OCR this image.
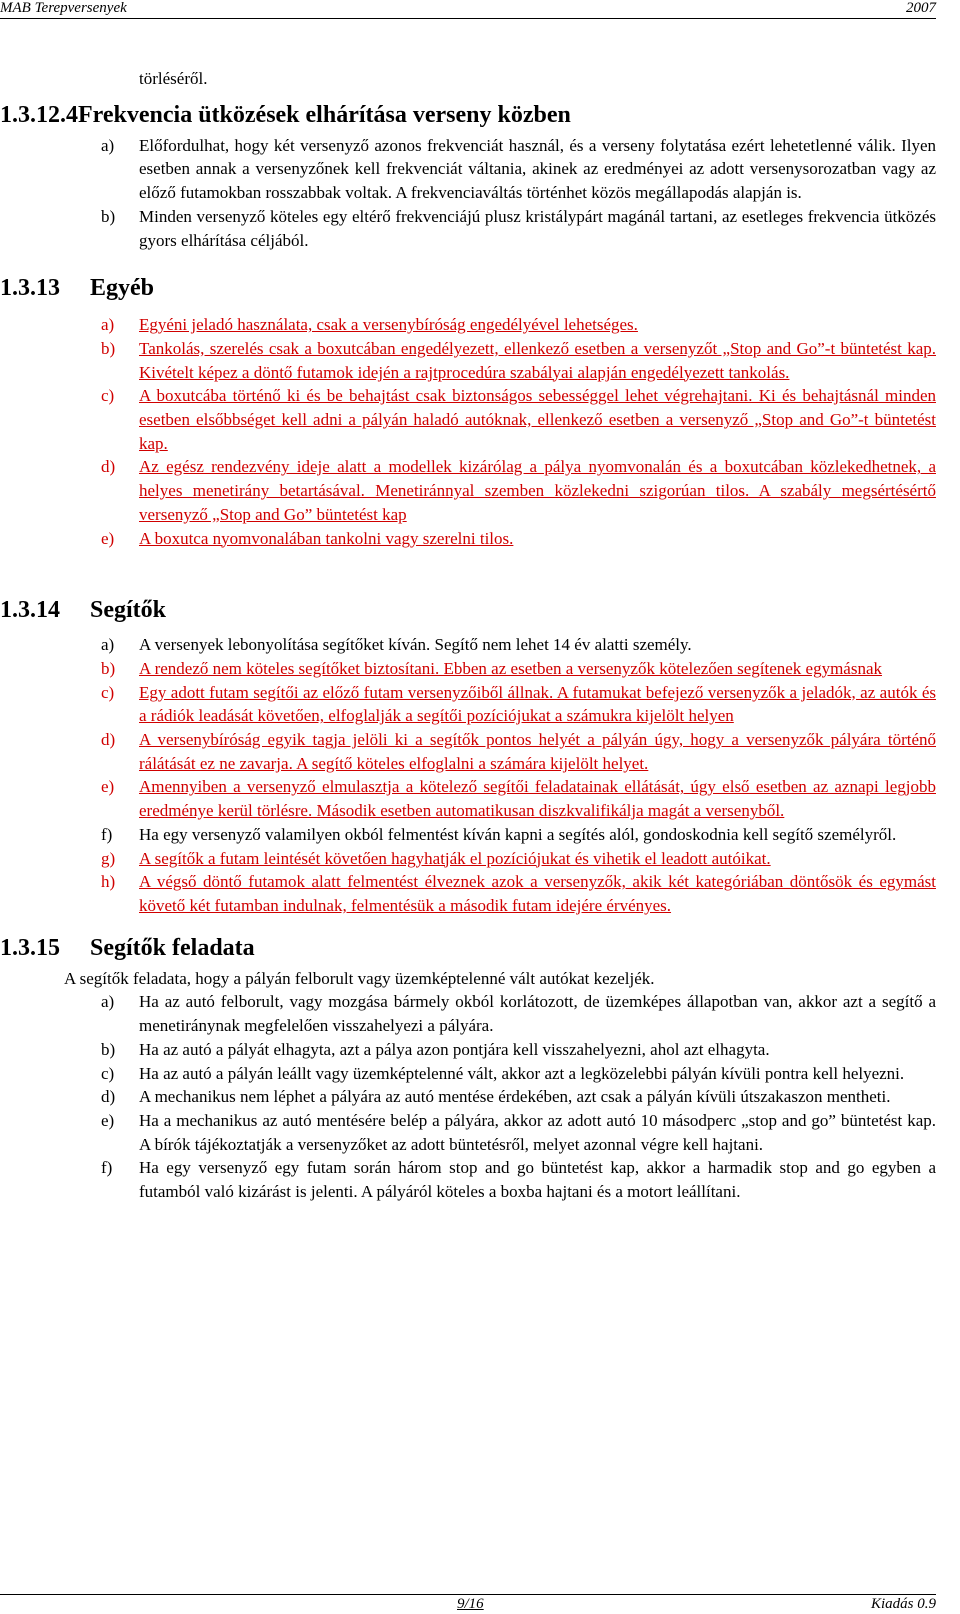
MAB Terepversenyek	2007
törléséről.
1.3.12.4Frekvencia ütközések elhárítása verseny közben
a)	Előfordulhat, hogy két versenyző azonos frekvenciát használ, és a verseny folytatása ezért lehetetlenné válik. Ilyen esetben annak a versenyzőnek kell frekvenciát váltania, akinek az eredményei az adott versenysorozatban vagy az előző futamokban rosszabbak voltak. A frekvenciaváltás történhet közös megállapodás alapján is.
b)	Minden versenyző köteles egy eltérő frekvenciájú plusz kristálypárt magánál tartani, az esetleges frekvencia ütközés gyors elhárítása céljából.
1.3.13 Egyéb
a)	Egyéni jeladó használata, csak a versenybíróság engedélyével lehetséges.
b)	Tankolás, szerelés csak a boxutcában engedélyezett, ellenkező esetben a versenyzőt „Stop and Go”-t büntetést kap. Kivételt képez a döntő futamok idején a rajtprocedúra szabályai alapján engedélyezett tankolás.
c)	A boxutcába történő ki és be behajtást csak biztonságos sebességgel lehet végrehajtani. Ki és behajtásnál minden esetben elsőbbséget kell adni a pályán haladó autóknak, ellenkező esetben a versenyző „Stop and Go”-t büntetést kap.
d)	Az egész rendezvény ideje alatt a modellek kizárólag a pálya nyomvonalán és a boxutcában közlekedhetnek, a helyes menetirány betartásával. Menetiránnyal szemben közlekedni szigorúan tilos. A szabály megsértésértő versenyző „Stop and Go” büntetést kap
e)	A boxutca nyomvonalában tankolni vagy szerelni tilos.
1.3.14 Segítők
a)	A versenyek lebonyolítása segítőket kíván. Segítő nem lehet 14 év alatti személy.
b)	A rendező nem köteles segítőket biztosítani. Ebben az esetben a versenyzők kötelezően segítenek egymásnak
c)	Egy adott futam segítői az előző futam versenyzőiből állnak. A futamukat befejező versenyzők a jeladók, az autók és a rádiók leadását követően, elfoglalják a segítői pozíciójukat a számukra kijelölt helyen
d)	A versenybíróság egyik tagja jelöli ki a segítők pontos helyét a pályán úgy, hogy a versenyzők pályára történő rálátását ez ne zavarja. A segítő köteles elfoglalni a számára kijelölt helyet.
e)	Amennyiben a versenyző elmulasztja a kötelező segítői feladatainak ellátását, úgy első esetben az aznapi legjobb eredménye kerül törlésre. Második esetben automatikusan diszkvalifikálja magát a versenyből.
f)	Ha egy versenyző valamilyen okból felmentést kíván kapni a segítés alól, gondoskodnia kell segítő személyről.
g)	A segítők a futam leintését követően hagyhatják el pozíciójukat és vihetik el leadott autóikat.
h)	A végső döntő futamok alatt felmentést élveznek azok a versenyzők, akik két kategóriában döntősök és egymást követő két futamban indulnak, felmentésük a második futam idejére érvényes.
1.3.15 Segítők feladata
A segítők feladata, hogy a pályán felborult vagy üzemképtelenné vált autókat kezeljék.
a)	Ha az autó felborult, vagy mozgása bármely okból korlátozott, de üzemképes állapotban van, akkor azt a segítő a menetiránynak megfelelően visszahelyezi a pályára.
b)	Ha az autó a pályát elhagyta, azt a pálya azon pontjára kell visszahelyezni, ahol azt elhagyta.
c)	Ha az autó a pályán leállt vagy üzemképtelenné vált, akkor azt a legközelebbi pályán kívüli pontra kell helyezni.
d)	A mechanikus nem léphet a pályára az autó mentése érdekében, azt csak a pályán kívüli útszakaszon mentheti.
e)	Ha a mechanikus az autó mentésére belép a pályára, akkor az adott autó 10 másodperc „stop and go” büntetést kap. A bírók tájékoztatják a versenyzőket az adott büntetésről, melyet azonnal végre kell hajtani.
f)	Ha egy versenyző egy futam során három stop and go büntetést kap, akkor a harmadik stop and go egyben a futamból való kizárást is jelenti. A pályáról köteles a boxba hajtani és a motort leállítani.
9/16	Kiadás 0.9
